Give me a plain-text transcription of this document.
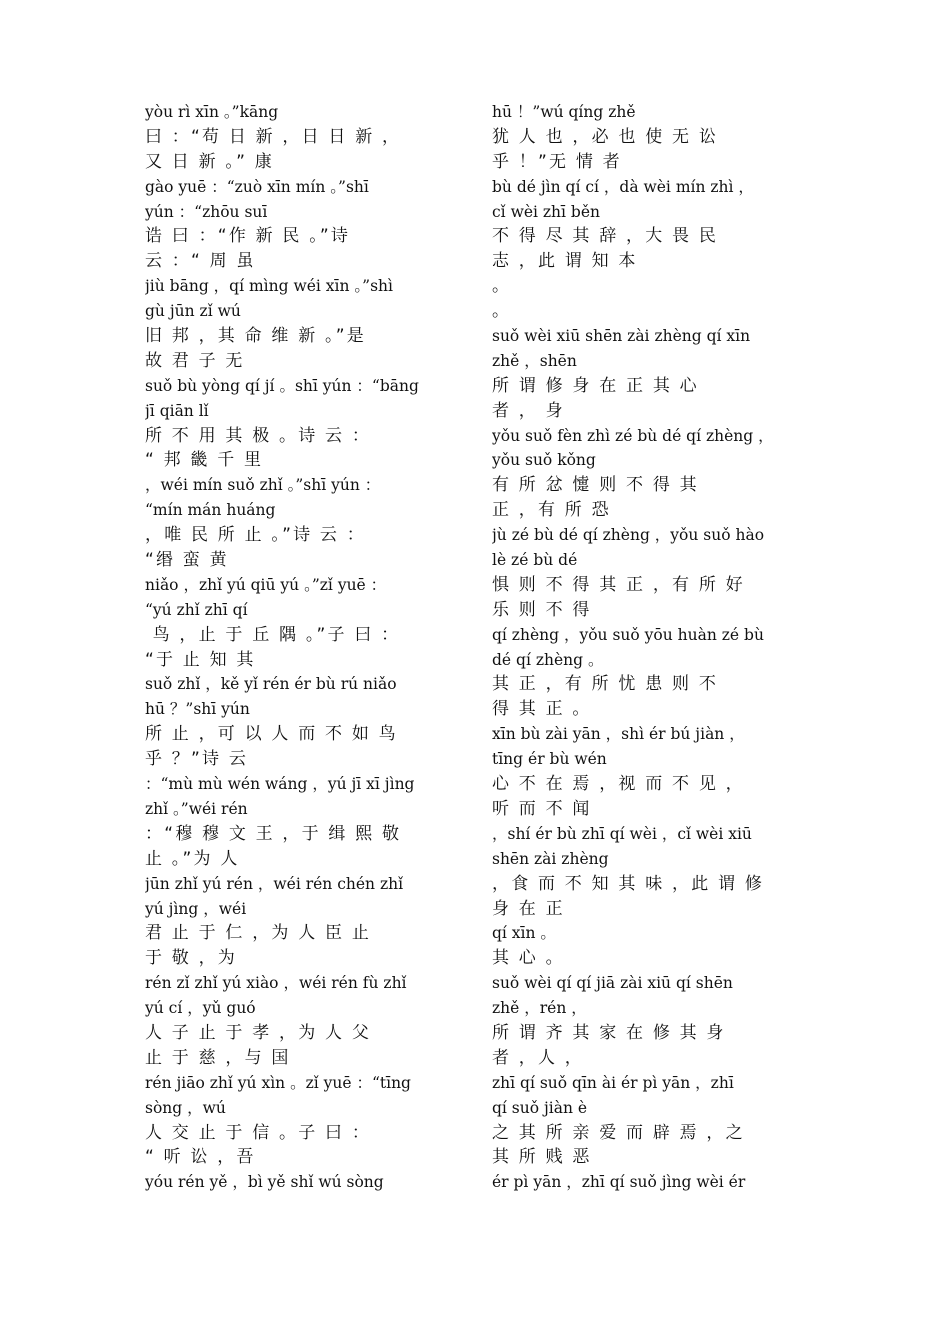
yòu rì xīn 。”kāng
曰 ：“苟 日 新 ，日 日 新 ，
又 日 新 。” 康
gào yuē ：“zuò xīn mín 。”shī
yún ：“zhōu suī
诰 曰 ：“作 新 民 。”诗
云 ：“ 周 虽
jiù bāng ，qí mìng wéi xīn 。”shì
gù jūn zǐ wú
旧 邦 ，其 命 维 新 。”是
故 君 子 无
suǒ bù yòng qí jí 。shī yún ：“bāng
jī qiān lǐ
所 不 用 其 极 。诗 云 ：
“ 邦 畿 千 里
，wéi mín suǒ zhǐ 。”shī yún ：
“mín mán huáng
，唯 民 所 止 。”诗 云 ：
“缗 蛮 黄
niǎo ，zhǐ yú qiū yú 。”zǐ yuē ：
“yú zhǐ zhī qí
鸟 ，止 于 丘 隅 。”子 曰 ：
“于 止 知 其
suǒ zhǐ ，kě yǐ rén ér bù rú niǎo
hū ？”shī yún
所 止 ，可 以 人 而 不 如 鸟
乎 ？”诗 云
：“mù mù wén wáng ，yú jī xī jìng
zhǐ 。”wéi rén
：“穆 穆 文 王 ，于 缉 熙 敬
止 。”为 人
jūn zhǐ yú rén ，wéi rén chén zhǐ
yú jìng ，wéi
君 止 于 仁 ，为 人 臣 止
于 敬 ，为
rén zǐ zhǐ yú xiào ，wéi rén fù zhǐ
yú cí ，yǔ guó
人 子 止 于 孝 ，为 人 父
止 于 慈 ，与 国
rén jiāo zhǐ yú xìn 。zǐ yuē ：“tīng
sòng ，wú
人 交 止 于 信 。子 曰 ：
“ 听 讼 ，吾
yóu rén yě ，bì yě shǐ wú sòng
hū ！”wú qíng zhě
犹 人 也 ，必 也 使 无 讼
乎 ！”无 情 者
bù dé jìn qí cí ，dà wèi mín zhì ，
cǐ wèi zhī běn
不 得 尽 其 辞 ，大 畏 民
志 ，此 谓 知 本
。
。
suǒ wèi xiū shēn zài zhèng qí xīn
zhě ，shēn
所 谓 修 身 在 正 其 心
者 ， 身
yǒu suǒ fèn zhì zé bù dé qí zhèng ，
yǒu suǒ kǒng
有 所 忿 懥 则 不 得 其
正 ，有 所 恐
jù zé bù dé qí zhèng ，yǒu suǒ hào
lè zé bù dé
惧 则 不 得 其 正 ，有 所 好
乐 则 不 得
qí zhèng ，yǒu suǒ yōu huàn zé bù
dé qí zhèng 。
其 正 ，有 所 忧 患 则 不
得 其 正 。
xīn bù zài yān ，shì ér bú jiàn ，
tīng ér bù wén
心 不 在 焉 ，视 而 不 见 ，
听 而 不 闻
，shí ér bù zhī qí wèi ，cǐ wèi xiū
shēn zài zhèng
，食 而 不 知 其 味 ，此 谓 修
身 在 正
qí xīn 。
其 心 。
suǒ wèi qí qí jiā zài xiū qí shēn
zhě ，rén ，
所 谓 齐 其 家 在 修 其 身
者 ，人 ，
zhī qí suǒ qīn ài ér pì yān ，zhī
qí suǒ jiàn è
之 其 所 亲 爱 而 辟 焉 ，之
其 所 贱 恶
ér pì yān ，zhī qí suǒ jìng wèi ér
